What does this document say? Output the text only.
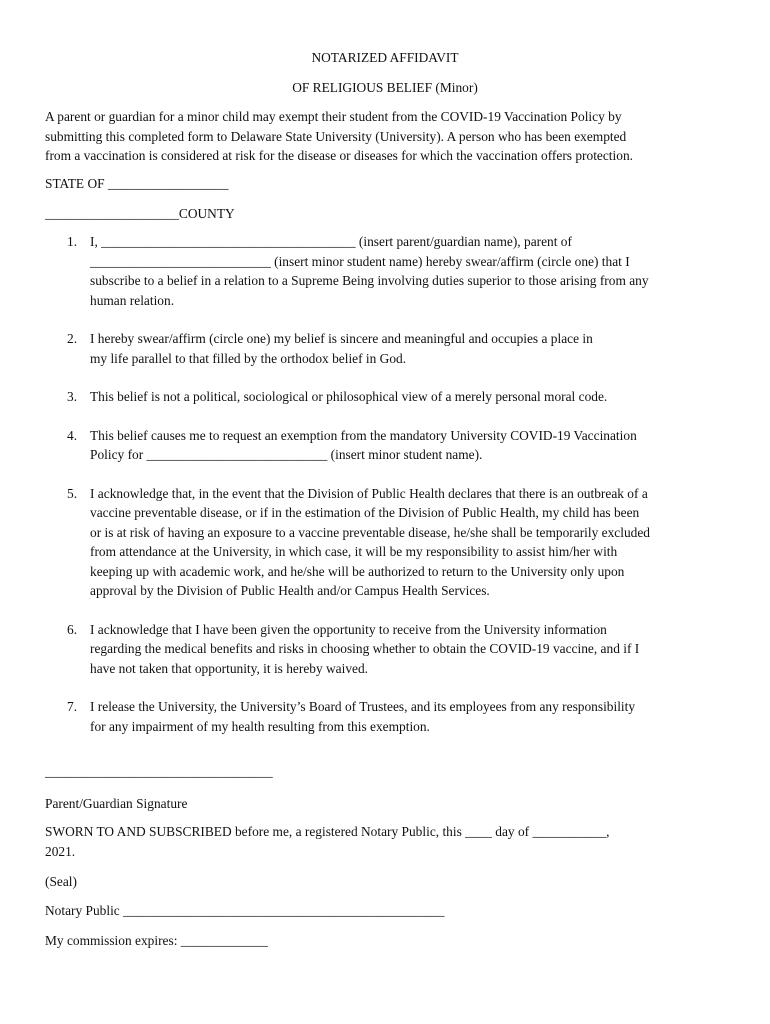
NOTARIZED AFFIDAVIT
OF RELIGIOUS BELIEF (Minor)
A parent or guardian for a minor child may exempt their student from the COVID-19 Vaccination Policy by
submitting this completed form to Delaware State University (University). A person who has been exempted
from a vaccination is considered at risk for the disease or diseases for which the vaccination offers protection.
STATE OF __________________
____________________COUNTY
1. I, ______________________________________ (insert parent/guardian name), parent of
___________________________ (insert minor student name) hereby swear/affirm (circle one) that I
subscribe to a belief in a relation to a Supreme Being involving duties superior to those arising from any
human relation.
2. I hereby swear/affirm (circle one) my belief is sincere and meaningful and occupies a place in
my life parallel to that filled by the orthodox belief in God.
3. This belief is not a political, sociological or philosophical view of a merely personal moral code.
4. This belief causes me to request an exemption from the mandatory University COVID-19 Vaccination
Policy for ___________________________ (insert minor student name).
5. I acknowledge that, in the event that the Division of Public Health declares that there is an outbreak of a
vaccine preventable disease, or if in the estimation of the Division of Public Health, my child has been
or is at risk of having an exposure to a vaccine preventable disease, he/she shall be temporarily excluded
from attendance at the University, in which case, it will be my responsibility to assist him/her with
keeping up with academic work, and he/she will be authorized to return to the University only upon
approval by the Division of Public Health and/or Campus Health Services.
6. I acknowledge that I have been given the opportunity to receive from the University information
regarding the medical benefits and risks in choosing whether to obtain the COVID-19 vaccine, and if I
have not taken that opportunity, it is hereby waived.
7. I release the University, the University’s Board of Trustees, and its employees from any responsibility
for any impairment of my health resulting from this exemption.
__________________________________
Parent/Guardian Signature
SWORN TO AND SUBSCRIBED before me, a registered Notary Public, this ____ day of ___________,
2021.
(Seal)
Notary Public ________________________________________________
My commission expires: _____________
